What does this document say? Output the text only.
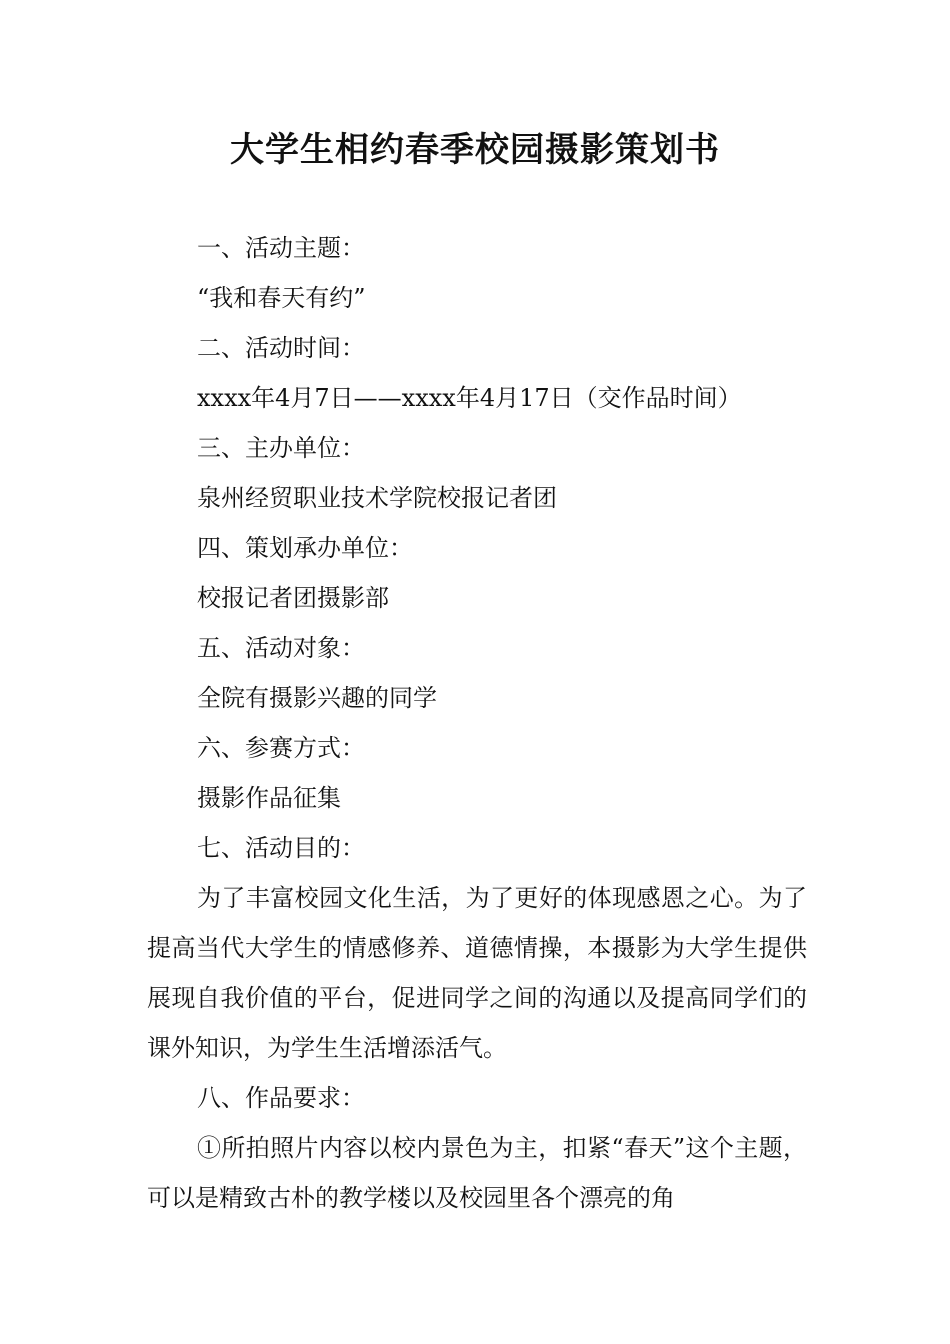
大学生相约春季校园摄影策划书

一、活动主题：

“我和春天有约”

二、活动时间：

xxxx年4月7日——xxxx年4月17日（交作品时间）

三、主办单位：

泉州经贸职业技术学院校报记者团

四、策划承办单位：

校报记者团摄影部

五、活动对象：

全院有摄影兴趣的同学

六、参赛方式：

摄影作品征集

七、活动目的：

为了丰富校园文化生活，为了更好的体现感恩之心。为了提高当代大学生的情感修养、道德情操，本摄影为大学生提供展现自我价值的平台，促进同学之间的沟通以及提高同学们的课外知识，为学生生活增添活气。

八、作品要求：

①所拍照片内容以校内景色为主，扣紧“春天”这个主题，可以是精致古朴的教学楼以及校园里各个漂亮的角
